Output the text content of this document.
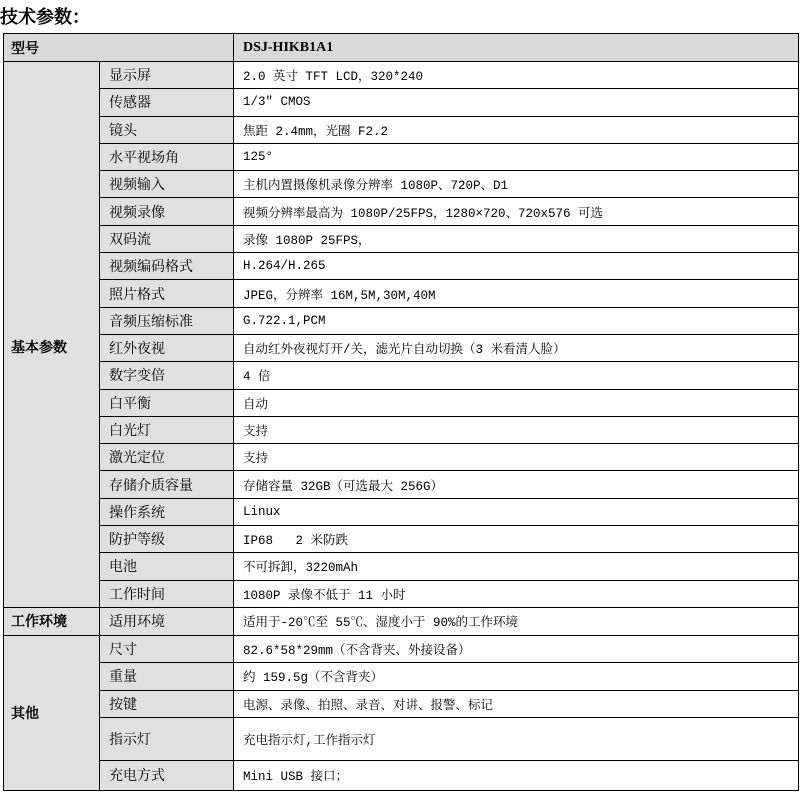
技术参数：
型号		DSJ-HIKB1A1
基本参数	显示屏	2.0 英寸 TFT LCD，320*240
	传感器	1/3" CMOS
	镜头	焦距 2.4mm，光圈 F2.2
	水平视场角	125°
	视频输入	主机内置摄像机录像分辨率 1080P、720P、D1
	视频录像	视频分辨率最高为 1080P/25FPS，1280×720、720x576 可选
	双码流	录像 1080P 25FPS，
	视频编码格式	H.264/H.265
	照片格式	JPEG，分辨率 16M,5M,30M,40M
	音频压缩标准	G.722.1,PCM
	红外夜视	自动红外夜视灯开/关，滤光片自动切换（3 米看清人脸）
	数字变倍	4 倍
	白平衡	自动
	白光灯	支持
	激光定位	支持
	存储介质容量	存储容量 32GB（可选最大 256G）
	操作系统	Linux
	防护等级	IP68   2 米防跌
	电池	不可拆卸，3220mAh
	工作时间	1080P 录像不低于 11 小时
工作环境	适用环境	适用于-20℃至 55℃、湿度小于 90%的工作环境
其他	尺寸	82.6*58*29mm（不含背夹、外接设备）
	重量	约 159.5g（不含背夹）
	按键	电源、录像、拍照、录音、对讲、报警、标记
	指示灯	充电指示灯,工作指示灯
	充电方式	Mini USB 接口；
